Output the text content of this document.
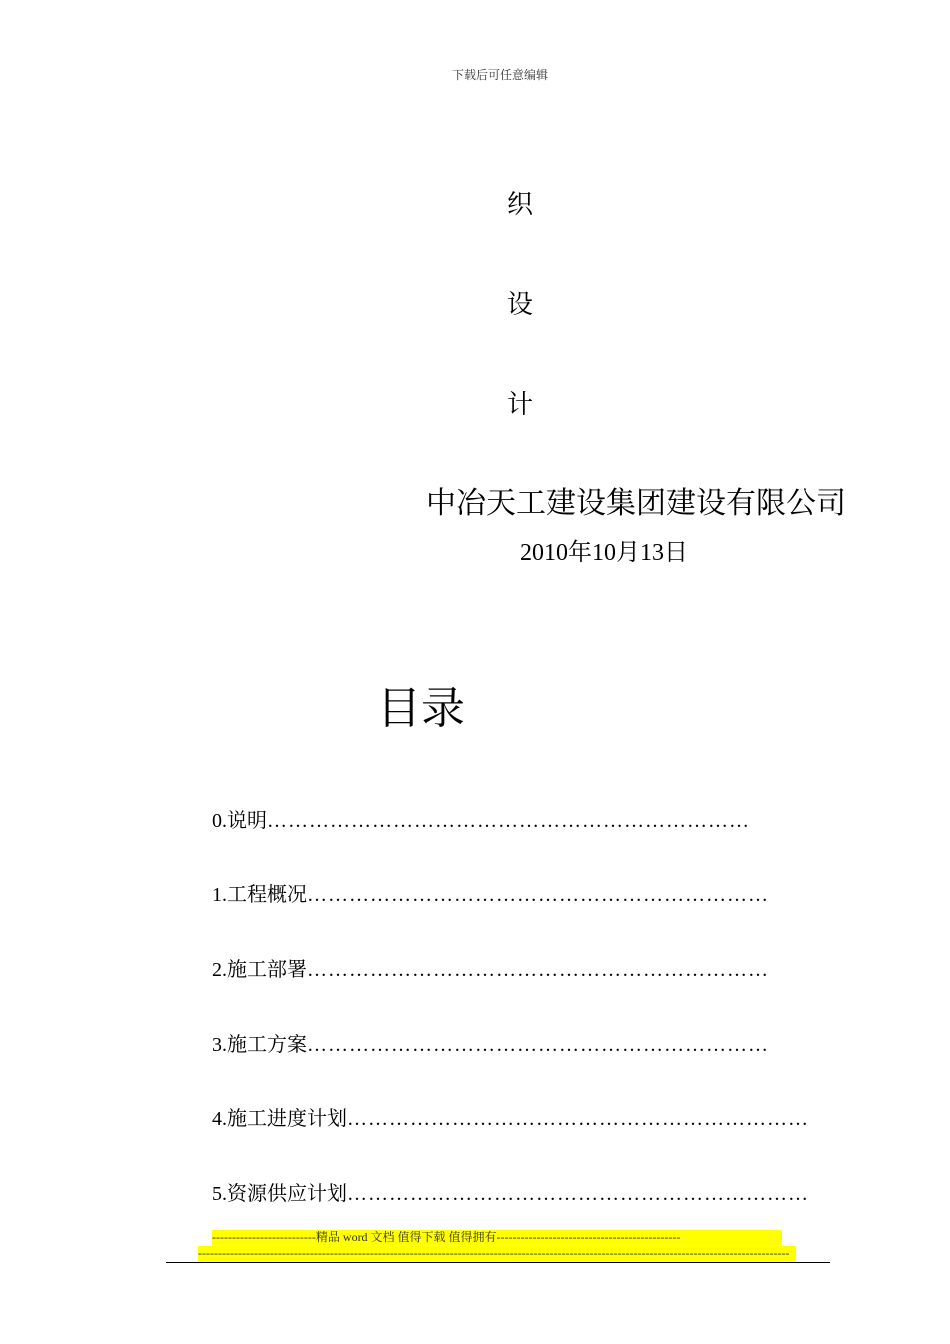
下载后可任意编辑
织
设
计
中冶天工建设集团建设有限公司
2010年10月13日
目录
0.说明……………………………………………………………
1.工程概况…………………………………………………………
2.施工部署…………………………………………………………
3.施工方案…………………………………………………………
4.施工进度计划…………………………………………………………
5.资源供应计划…………………………………………………………
--------------------------精品 word 文档 值得下载 值得拥有----------------------------------------------
----------------------------------------------------------------------------------------------------------------------------------------------------
